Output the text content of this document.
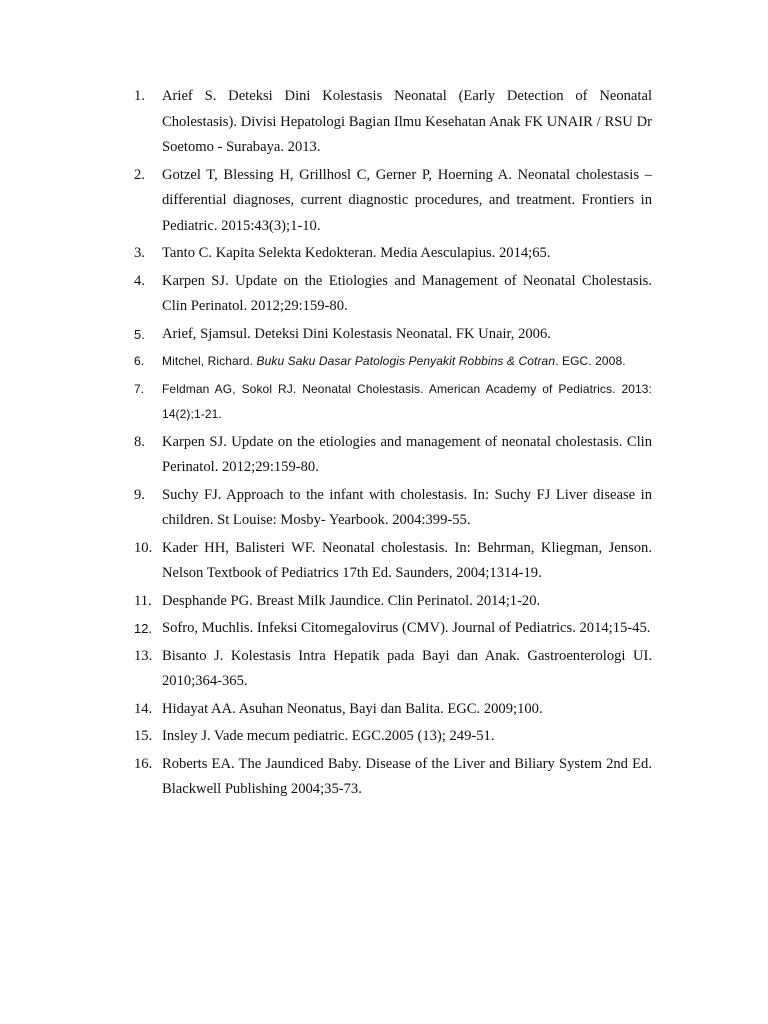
1.	Arief S. Deteksi Dini Kolestasis Neonatal (Early Detection of Neonatal Cholestasis). Divisi Hepatologi Bagian Ilmu Kesehatan Anak FK UNAIR / RSU Dr Soetomo - Surabaya. 2013.
2.	Gotzel T, Blessing H, Grillhosl C, Gerner P, Hoerning A. Neonatal cholestasis – differential diagnoses, current diagnostic procedures, and treatment. Frontiers in Pediatric. 2015:43(3);1-10.
3.	Tanto C. Kapita Selekta Kedokteran. Media Aesculapius. 2014;65.
4.	Karpen SJ. Update on the Etiologies and Management of Neonatal Cholestasis. Clin Perinatol. 2012;29:159-80.
5.	Arief, Sjamsul. Deteksi Dini Kolestasis Neonatal. FK Unair, 2006.
6.	Mitchel, Richard. Buku Saku Dasar Patologis Penyakit Robbins & Cotran. EGC. 2008.
7.	Feldman AG, Sokol RJ. Neonatal Cholestasis. American Academy of Pediatrics. 2013: 14(2);1-21.
8.	Karpen SJ. Update on the etiologies and management of neonatal cholestasis. Clin Perinatol. 2012;29:159-80.
9.	Suchy FJ. Approach to the infant with cholestasis. In: Suchy FJ Liver disease in children. St Louise: Mosby- Yearbook. 2004:399-55.
10. Kader HH, Balisteri WF. Neonatal cholestasis. In: Behrman, Kliegman, Jenson. Nelson Textbook of Pediatrics 17th Ed. Saunders, 2004;1314-19.
11. Desphande PG. Breast Milk Jaundice. Clin Perinatol. 2014;1-20.
12. Sofro, Muchlis. Infeksi Citomegalovirus (CMV). Journal of Pediatrics. 2014;15-45.
13. Bisanto J. Kolestasis Intra Hepatik pada Bayi dan Anak. Gastroenterologi UI. 2010;364-365.
14. Hidayat AA. Asuhan Neonatus, Bayi dan Balita. EGC. 2009;100.
15. Insley J. Vade mecum pediatric. EGC.2005 (13); 249-51.
16. Roberts EA. The Jaundiced Baby. Disease of the Liver and Biliary System 2nd Ed. Blackwell Publishing 2004;35-73.
